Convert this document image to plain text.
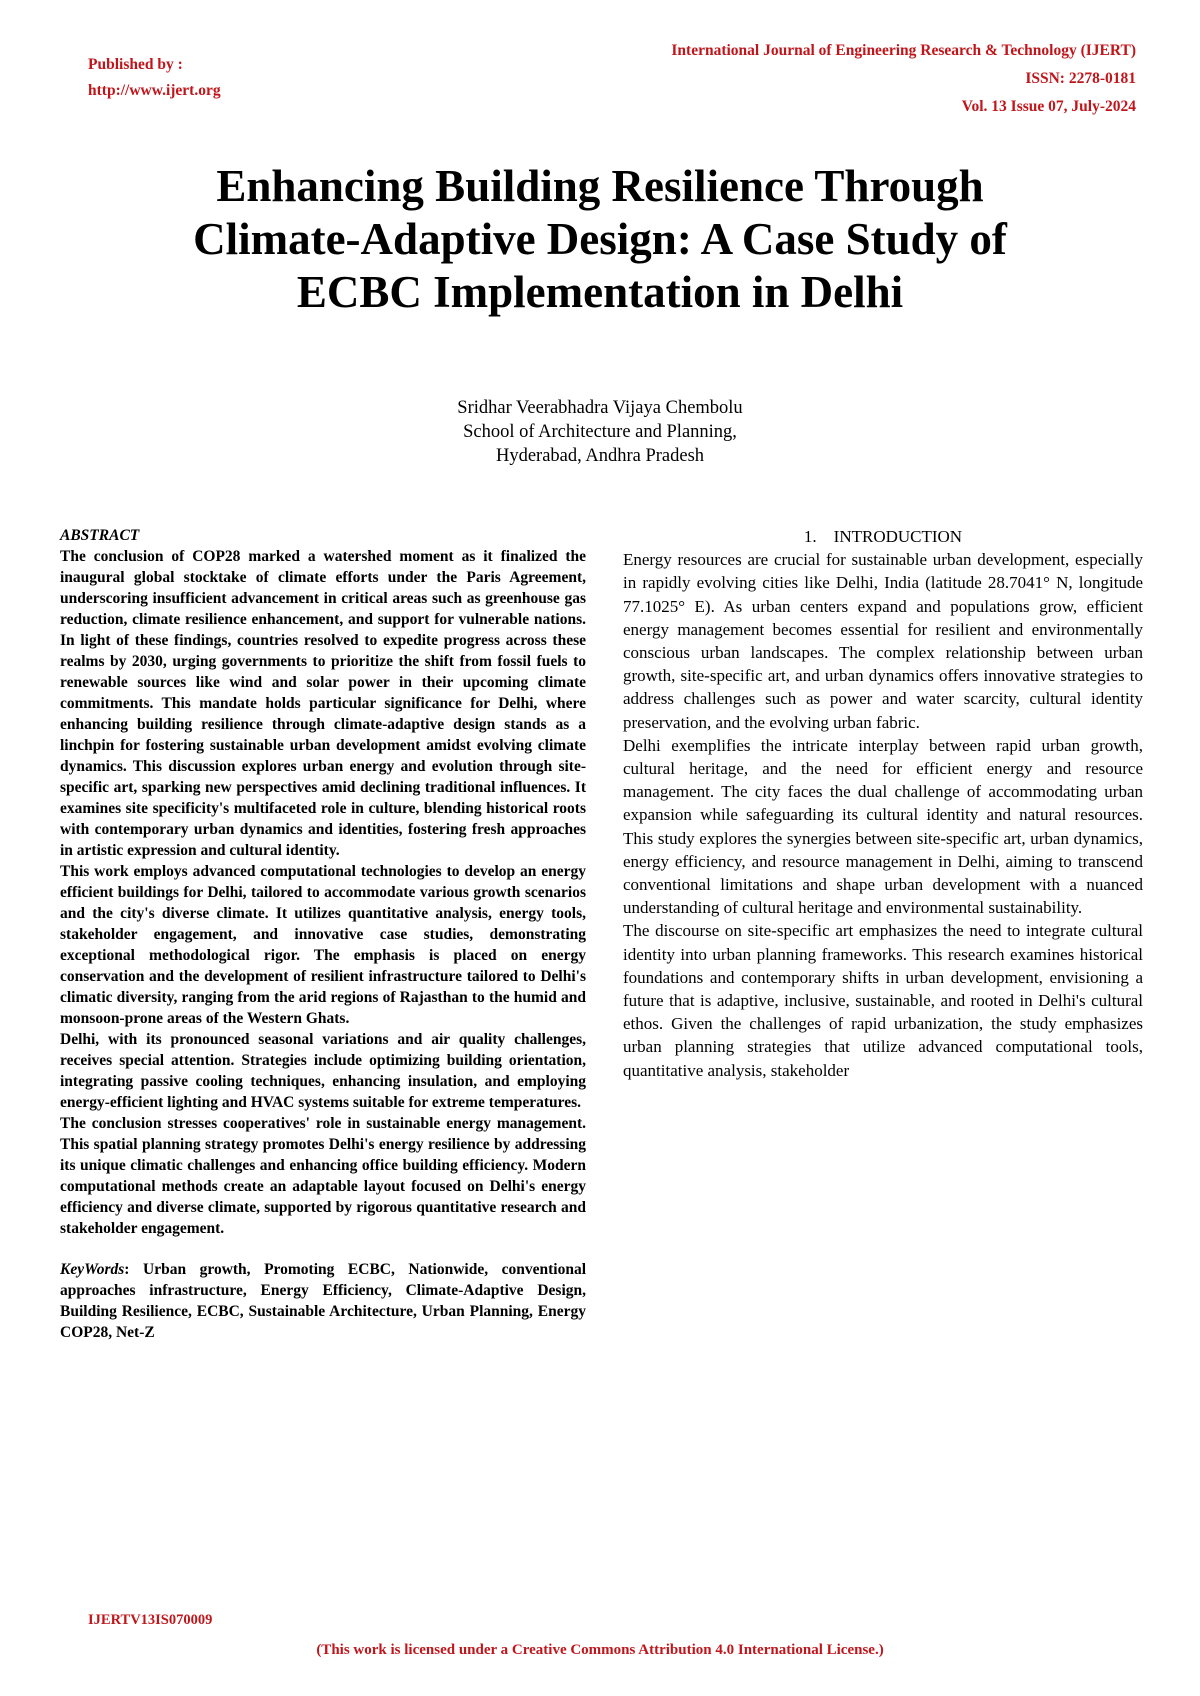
Published by :
http://www.ijert.org
International Journal of Engineering Research & Technology (IJERT)
ISSN: 2278-0181
Vol. 13 Issue 07, July-2024
Enhancing Building Resilience Through
Climate-Adaptive Design: A Case Study of
ECBC Implementation in Delhi
Sridhar Veerabhadra Vijaya Chembolu
School of Architecture and Planning,
Hyderabad, Andhra Pradesh

ABSTRACT

The conclusion of COP28 marked a watershed moment as it finalized the inaugural global stocktake of climate efforts under the Paris Agreement, underscoring insufficient advancement in critical areas such as greenhouse gas reduction, climate resilience enhancement, and support for vulnerable nations. In light of these findings, countries resolved to expedite progress across these realms by 2030, urging governments to prioritize the shift from fossil fuels to renewable sources like wind and solar power in their upcoming climate commitments. This mandate holds particular significance for Delhi, where enhancing building resilience through climate-adaptive design stands as a linchpin for fostering sustainable urban development amidst evolving climate dynamics. This discussion explores urban energy and evolution through site-specific art, sparking new perspectives amid declining traditional influences. It examines site specificity's multifaceted role in culture, blending historical roots with contemporary urban dynamics and identities, fostering fresh approaches in artistic expression and cultural identity.

This work employs advanced computational technologies to develop an energy efficient buildings for Delhi, tailored to accommodate various growth scenarios and the city's diverse climate. It utilizes quantitative analysis, energy tools, stakeholder engagement, and innovative case studies, demonstrating exceptional methodological rigor. The emphasis is placed on energy conservation and the development of resilient infrastructure tailored to Delhi's climatic diversity, ranging from the arid regions of Rajasthan to the humid and monsoon-prone areas of the Western Ghats.

Delhi, with its pronounced seasonal variations and air quality challenges, receives special attention. Strategies include optimizing building orientation, integrating passive cooling techniques, enhancing insulation, and employing energy-efficient lighting and HVAC systems suitable for extreme temperatures.

The conclusion stresses cooperatives' role in sustainable energy management. This spatial planning strategy promotes Delhi's energy resilience by addressing its unique climatic challenges and enhancing office building efficiency. Modern computational methods create an adaptable layout focused on Delhi's energy efficiency and diverse climate, supported by rigorous quantitative research and stakeholder engagement.

KeyWords: Urban growth, Promoting ECBC, Nationwide, conventional approaches infrastructure, Energy Efficiency, Climate-Adaptive Design, Building Resilience, ECBC, Sustainable Architecture, Urban Planning, Energy COP28, Net-Z

1.    INTRODUCTION

Energy resources are crucial for sustainable urban development, especially in rapidly evolving cities like Delhi, India (latitude 28.7041° N, longitude 77.1025° E). As urban centers expand and populations grow, efficient energy management becomes essential for resilient and environmentally conscious urban landscapes. The complex relationship between urban growth, site-specific art, and urban dynamics offers innovative strategies to address challenges such as power and water scarcity, cultural identity preservation, and the evolving urban fabric.

Delhi exemplifies the intricate interplay between rapid urban growth, cultural heritage, and the need for efficient energy and resource management. The city faces the dual challenge of accommodating urban expansion while safeguarding its cultural identity and natural resources. This study explores the synergies between site-specific art, urban dynamics, energy efficiency, and resource management in Delhi, aiming to transcend conventional limitations and shape urban development with a nuanced understanding of cultural heritage and environmental sustainability.

The discourse on site-specific art emphasizes the need to integrate cultural identity into urban planning frameworks. This research examines historical foundations and contemporary shifts in urban development, envisioning a future that is adaptive, inclusive, sustainable, and rooted in Delhi's cultural ethos. Given the challenges of rapid urbanization, the study emphasizes urban planning strategies that utilize advanced computational tools, quantitative analysis, stakeholder

IJERTV13IS070009
(This work is licensed under a Creative Commons Attribution 4.0 International License.)
